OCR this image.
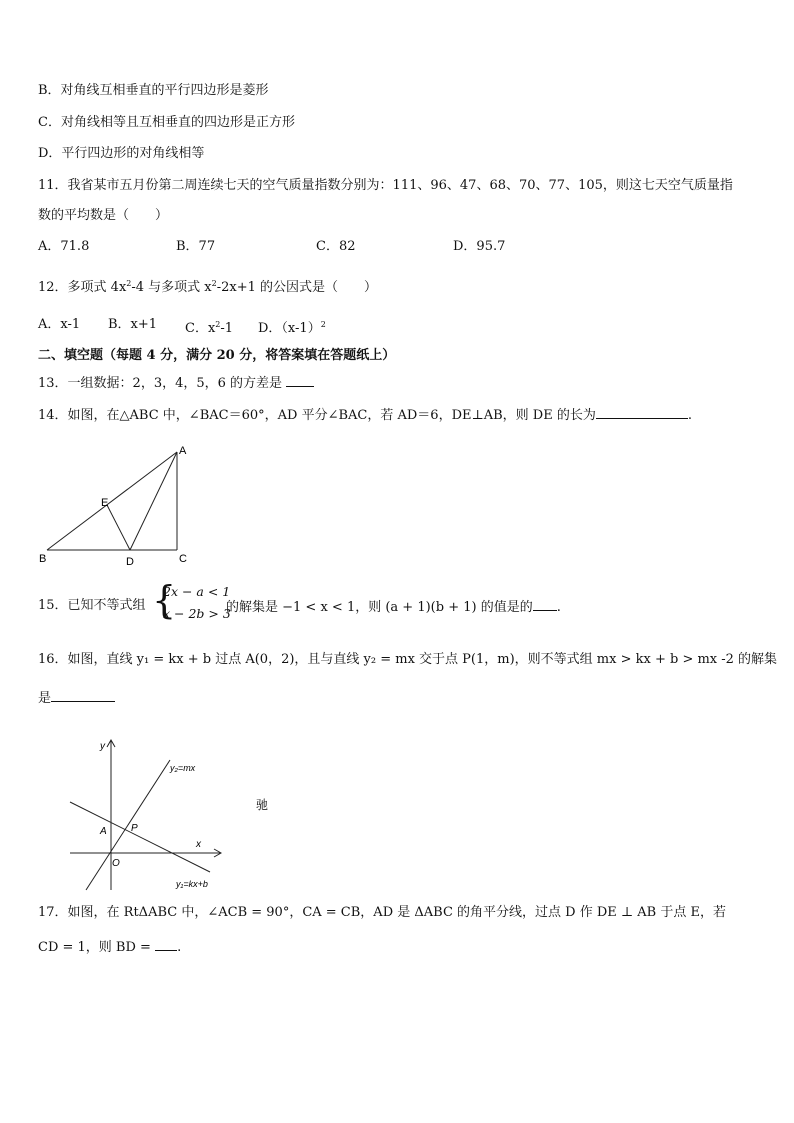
B．对角线互相垂直的平行四边形是菱形
C．对角线相等且互相垂直的四边形是正方形
D．平行四边形的对角线相等
11．我省某市五月份第二周连续七天的空气质量指数分别为：111、96、47、68、70、77、105，则这七天空气质量指
数的平均数是（　　）
A．71.8	B．77	C．82	D．95.7
12．多项式 $4x^2-4$ 与多项式 $x^2-2x+1$ 的公因式是（　　）
A．x-1 B．x+1 C．$x^2-1$ D．$(x-1)^2$
二、填空题（每题 4 分，满分 20 分，将答案填在答题纸上）
13．一组数据：2，3，4，5，6 的方差是
14．如图，在△ABC 中，∠BAC＝60°，AD 平分∠BAC，若 AD＝6，DE⊥AB，则 DE 的长为	.
A
B	C
D
E
15．已知不等式组 {
2x − a < 1
x − 2b > 3
的解集是 −1 < x < 1，则 (a + 1)(b + 1) 的值是的 .
16．如图，直线 y₁ = kx + b 过点 A(0，2)，且与直线 y₂ = mx 交于点 P(1，m)，则不等式组 mx > kx + b > mx -2 的解集
是
y
x
O
A P
y₂=mx
y₁=kx+b
驰
17．如图，在 RtΔABC 中，∠ACB = 90°，CA = CB，AD 是 ΔABC 的角平分线，过点 D 作 DE ⊥ AB 于点 E，若
CD = 1，则 BD = .
